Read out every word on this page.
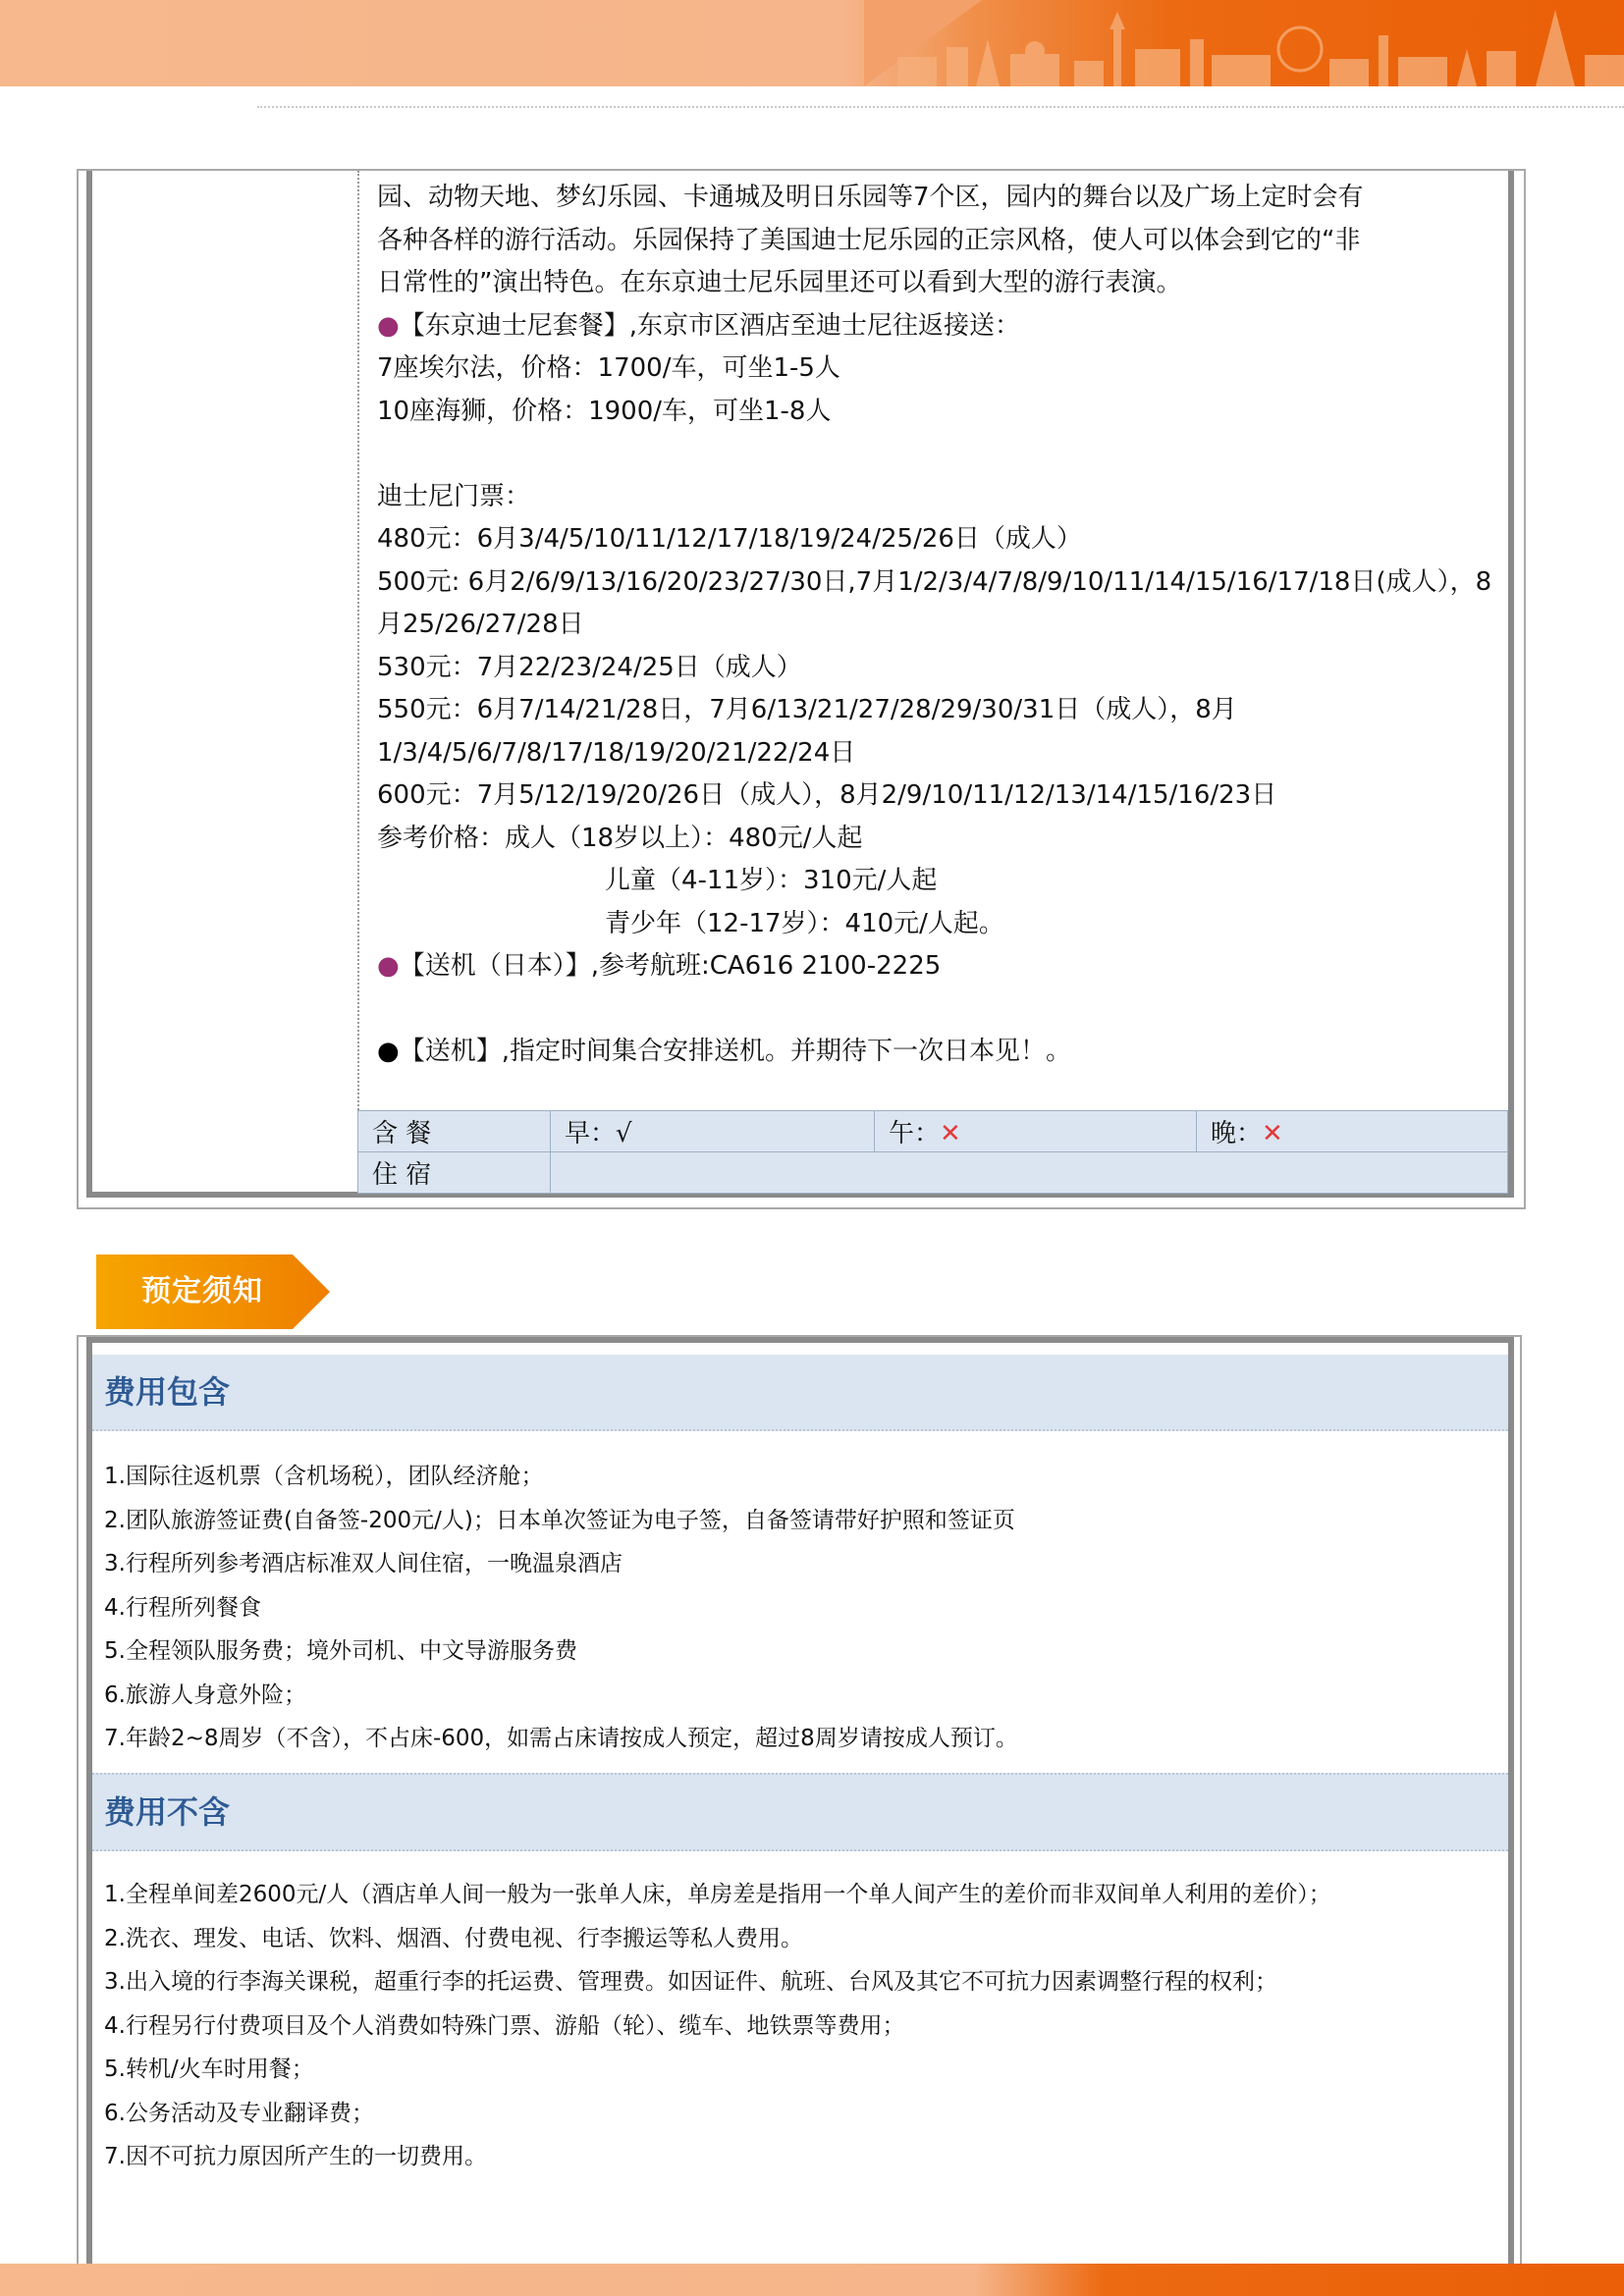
园、动物天地、梦幻乐园、卡通城及明日乐园等7个区，园内的舞台以及广场上定时会有

各种各样的游行活动。乐园保持了美国迪士尼乐园的正宗风格，使人可以体会到它的“非

日常性的”演出特色。在东京迪士尼乐园里还可以看到大型的游行表演。

●【东京迪士尼套餐】,东京市区酒店至迪士尼往返接送：

7座埃尔法，价格：1700/车，可坐1-5人

10座海狮，价格：1900/车，可坐1-8人

迪士尼门票：

480元：6月3/4/5/10/11/12/17/18/19/24/25/26日（成人）

500元: 6月2/6/9/13/16/20/23/27/30日,7月1/2/3/4/7/8/9/10/11/14/15/16/17/18日(成人），8月25/26/27/28日

530元：7月22/23/24/25日（成人）

550元：6月7/14/21/28日，7月6/13/21/27/28/29/30/31日（成人），8月1/3/4/5/6/7/8/17/18/19/20/21/22/24日

600元：7月5/12/19/20/26日（成人），8月2/9/10/11/12/13/14/15/16/23日

参考价格：成人（18岁以上）：480元/人起

儿童（4-11岁）：310元/人起

青少年（12-17岁）：410元/人起。

●【送机（日本）】,参考航班:CA616 2100-2225

●【送机】,指定时间集合安排送机。并期待下一次日本见！。

含 餐	早：√	午：✕	晚：✕
住 宿			
预定须知
费用包含
1.国际往返机票（含机场税），团队经济舱；
2.团队旅游签证费(自备签-200元/人)；日本单次签证为电子签，自备签请带好护照和签证页
3.行程所列参考酒店标准双人间住宿，一晚温泉酒店
4.行程所列餐食
5.全程领队服务费；境外司机、中文导游服务费
6.旅游人身意外险；
7.年龄2~8周岁（不含），不占床-600，如需占床请按成人预定，超过8周岁请按成人预订。
费用不含
1.全程单间差2600元/人（酒店单人间一般为一张单人床，单房差是指用一个单人间产生的差价而非双间单人利用的差价）；
2.洗衣、理发、电话、饮料、烟酒、付费电视、行李搬运等私人费用。
3.出入境的行李海关课税，超重行李的托运费、管理费。如因证件、航班、台风及其它不可抗力因素调整行程的权利；
4.行程另行付费项目及个人消费如特殊门票、游船（轮）、缆车、地铁票等费用；
5.转机/火车时用餐；
6.公务活动及专业翻译费；
7.因不可抗力原因所产生的一切费用。
